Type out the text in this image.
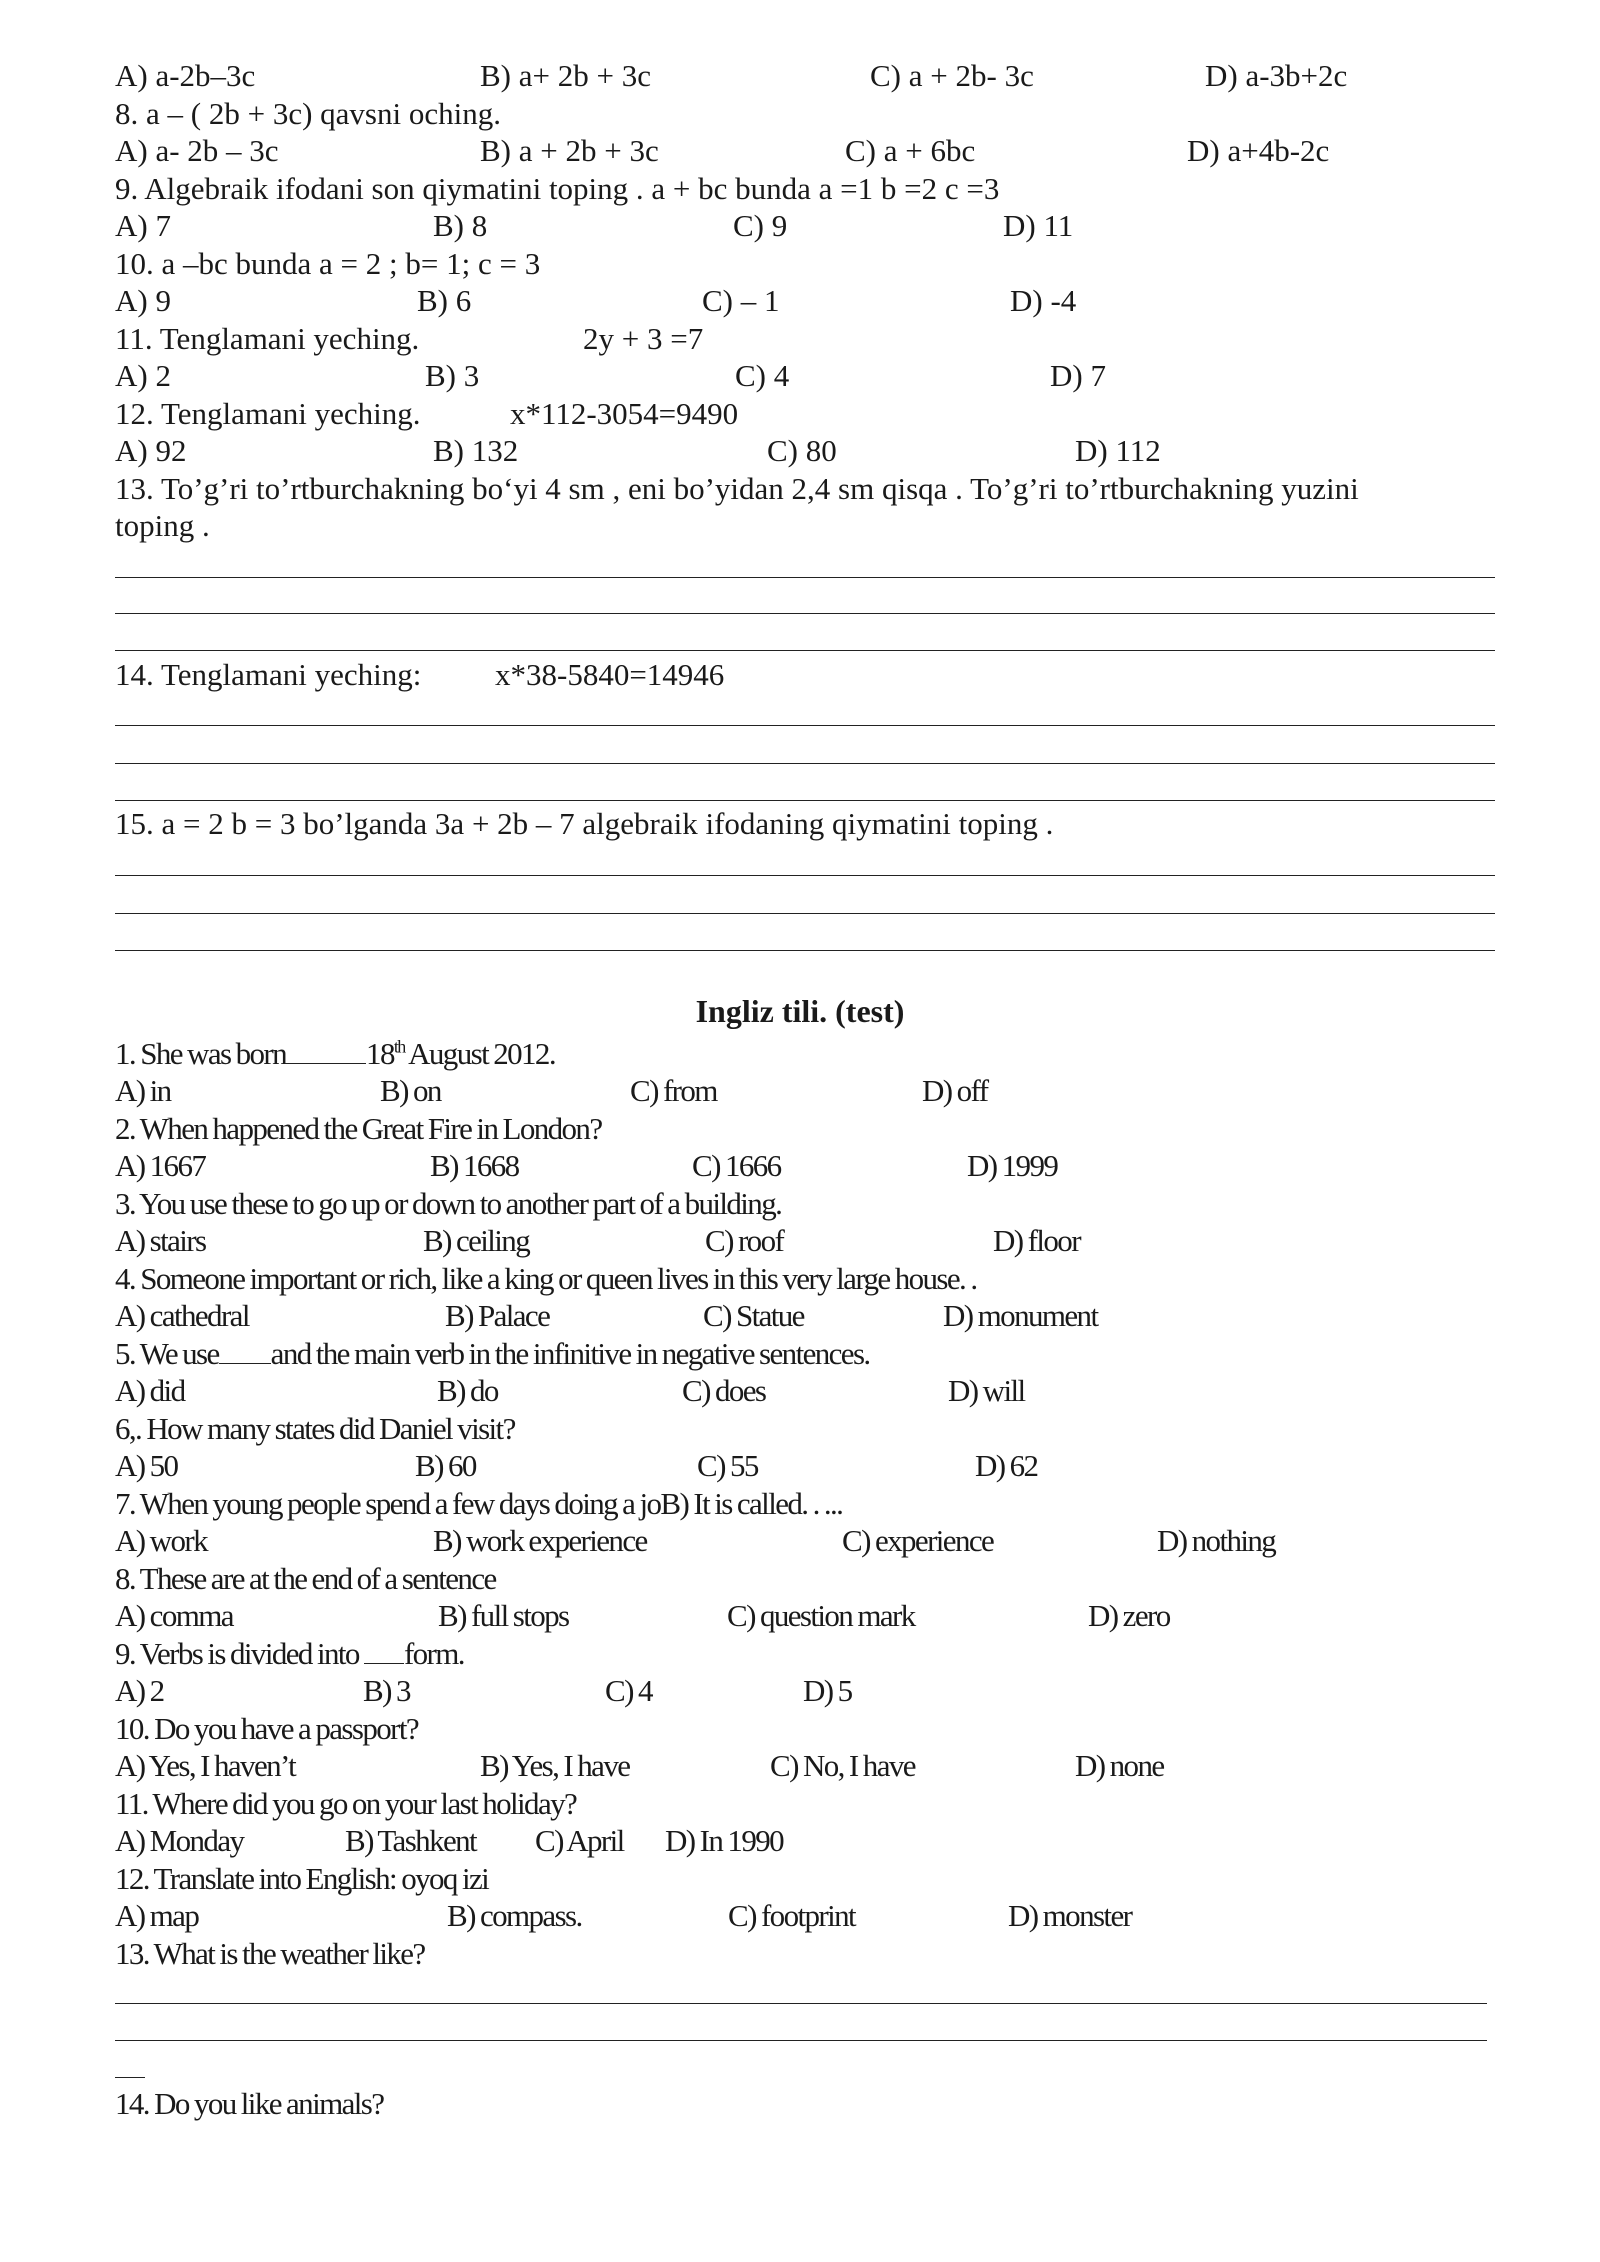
A) a-2b–3c	B) a+ 2b + 3c	C) a + 2b- 3c	D) a-3b+2c
8. a – ( 2b + 3c) qavsni oching.
A) a- 2b – 3c	B) a + 2b + 3c	C) a + 6bc	D) a+4b-2c
9. Algebraik ifodani son qiymatini toping . a + bc bunda a =1 b =2 c =3
A) 7	B) 8	C) 9	D) 11
10. a –bc bunda a = 2 ; b= 1; c = 3
A) 9	B) 6	C) – 1	D) -4
11. Tenglamani yeching.	2y + 3 =7
A) 2	B) 3	C) 4	D) 7
12. Tenglamani yeching.	x*112-3054=9490
A) 92	B) 132	C) 80	D) 112
13. To’g’ri to’rtburchakning bo‘yi 4 sm , eni bo’yidan 2,4 sm qisqa . To’g’ri to’rtburchakning yuzini
toping .
14. Tenglamani yeching: x*38-5840=14946
15. a = 2 b = 3 bo’lganda 3a + 2b – 7 algebraik ifodaning qiymatini toping .
Ingliz tili. (test)
1. She was born	18th August 2012.
A) in	B) on	C) from	D) off
2. When happened the Great Fire in London?
A) 1667	B) 1668	C) 1666	D) 1999
3. You use these to go up or down to another part of a building.
A) stairs	B) ceiling	C) roof	D) floor
4. Someone important or rich, like a king or queen lives in this very large house. .
A) cathedral	B) Palace	C) Statue	D) monument
5. We use and the main verb in the infinitive in negative sentences.
A) did	B) do	C) does	D) will
6,. How many states did Daniel visit?
A) 50	B) 60	C) 55	D) 62
7. When young people spend a few days doing a joB) It is called. . ...
A) work	B) work experience	C) experience	D) nothing
8. These are at the end of a sentence
A) comma	B) full stops	C) question mark	D) zero
9. Verbs is divided into form.
A) 2	B) 3	C) 4	D) 5
10. Do you have a passport?
A) Yes, I haven’t	B) Yes, I have	C) No, I have	D) none
11. Where did you go on your last holiday?
A) Monday	B) Tashkent C) April D) In 1990
12. Translate into English: oyoq izi
A) map	B) compass.	C) footprint	D) monster
13. What is the weather like?
14. Do you like animals?
